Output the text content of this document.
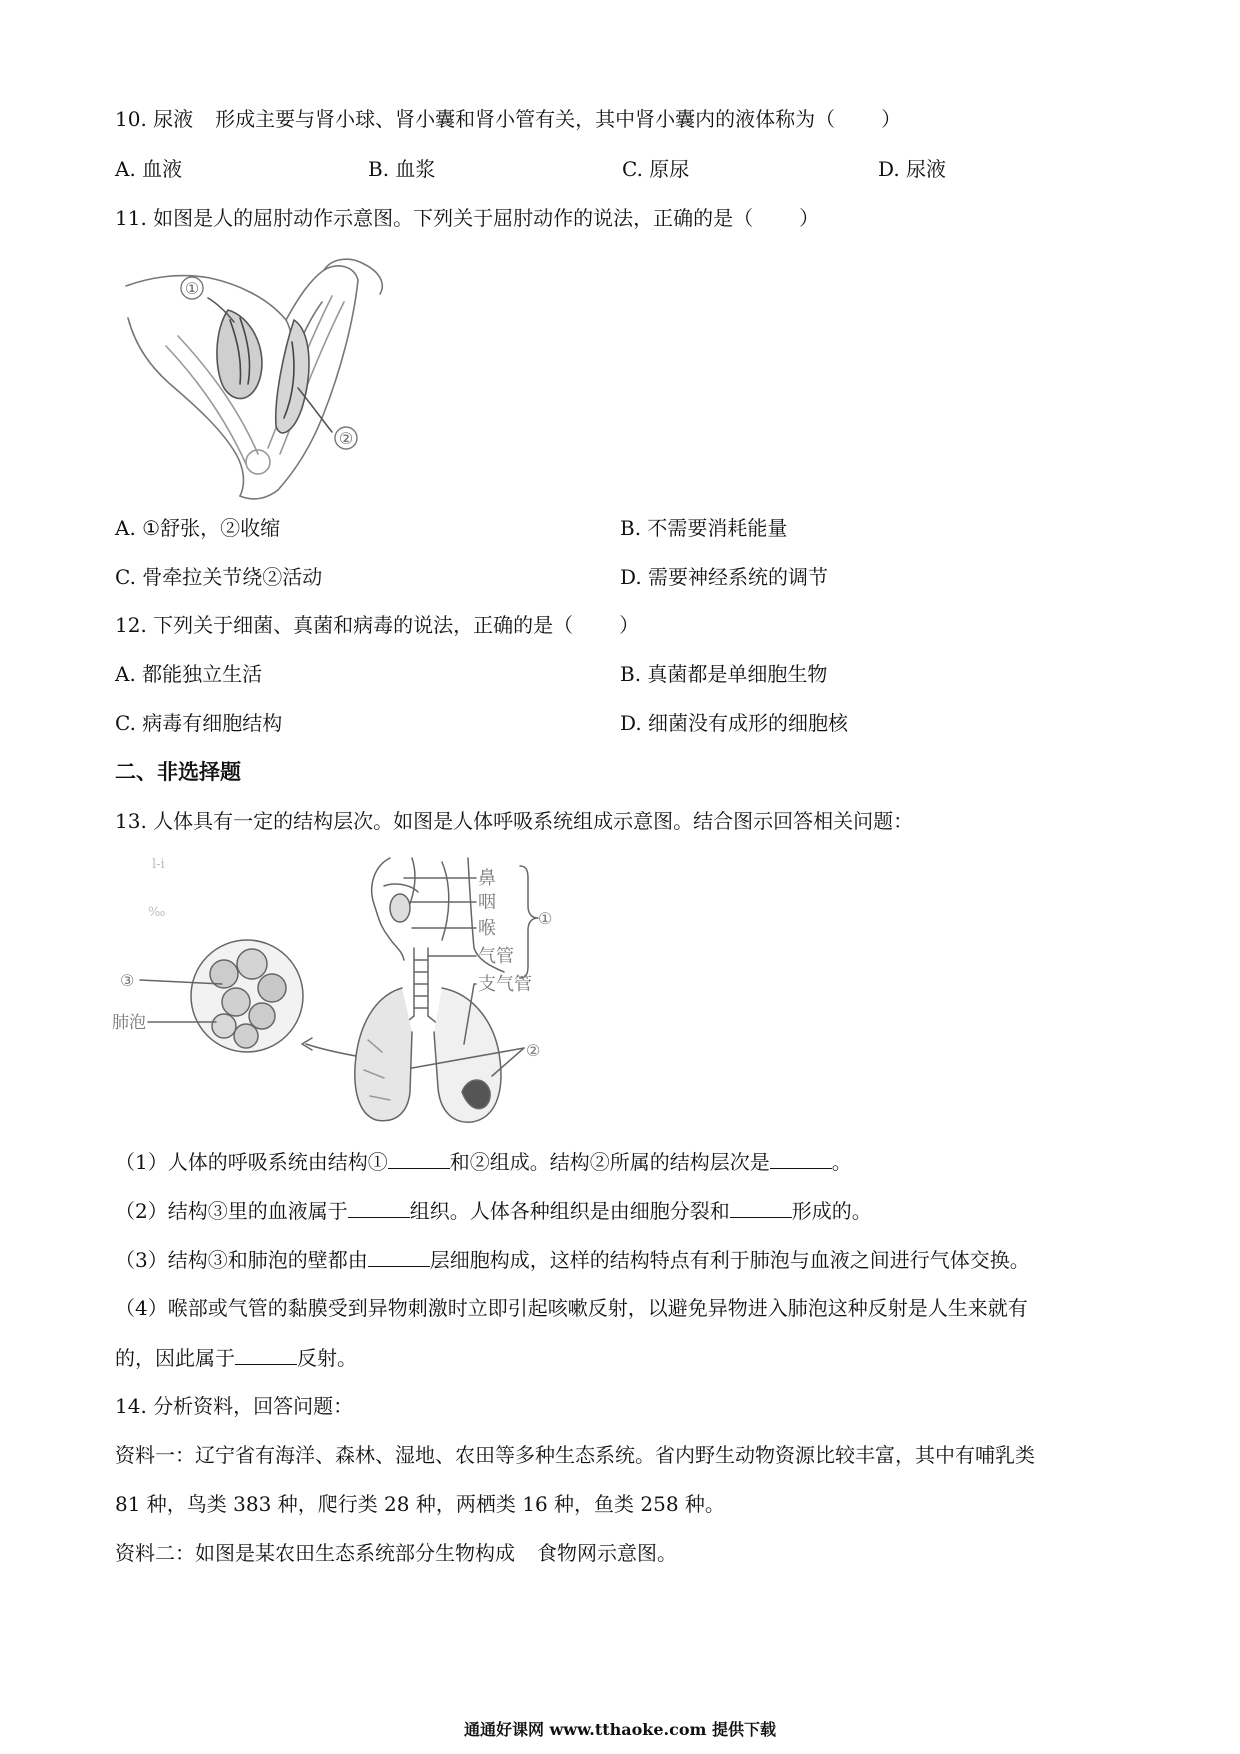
10. 尿液 形成主要与肾小球、肾小囊和肾小管有关，其中肾小囊内的液体称为（ ）
A. 血液	B. 血浆	C. 原尿	D. 尿液
11. 如图是人的屈肘动作示意图。下列关于屈肘动作的说法，正确的是（ ）
①
②
A. ①舒张，②收缩	B. 不需要消耗能量
C. 骨牵拉关节绕②活动	D. 需要神经系统的调节
12. 下列关于细菌、真菌和病毒的说法，正确的是（ ）
A. 都能独立生活	B. 真菌都是单细胞生物
C. 病毒有细胞结构	D. 细菌没有成形的细胞核
二、非选择题
13. 人体具有一定的结构层次。如图是人体呼吸系统组成示意图。结合图示回答相关问题：
l-i
‰
鼻
咽
喉
气管
支气管
①
②
③
肺泡
（1）人体的呼吸系统由结构①	和②组成。结构②所属的结构层次是	。
（2）结构③里的血液属于	组织。人体各种组织是由细胞分裂和	形成的。
（3）结构③和肺泡的壁都由	层细胞构成，这样的结构特点有利于肺泡与血液之间进行气体交换。
（4）喉部或气管的黏膜受到异物刺激时立即引起咳嗽反射，以避免异物进入肺泡这种反射是人生来就有
的，因此属于	反射。
14. 分析资料，回答问题：
资料一：辽宁省有海洋、森林、湿地、农田等多种生态系统。省内野生动物资源比较丰富，其中有哺乳类
81 种，鸟类 383 种，爬行类 28 种，两栖类 16 种，鱼类 258 种。
资料二：如图是某农田生态系统部分生物构成 食物网示意图。
通通好课网 www.tthaoke.com 提供下载
